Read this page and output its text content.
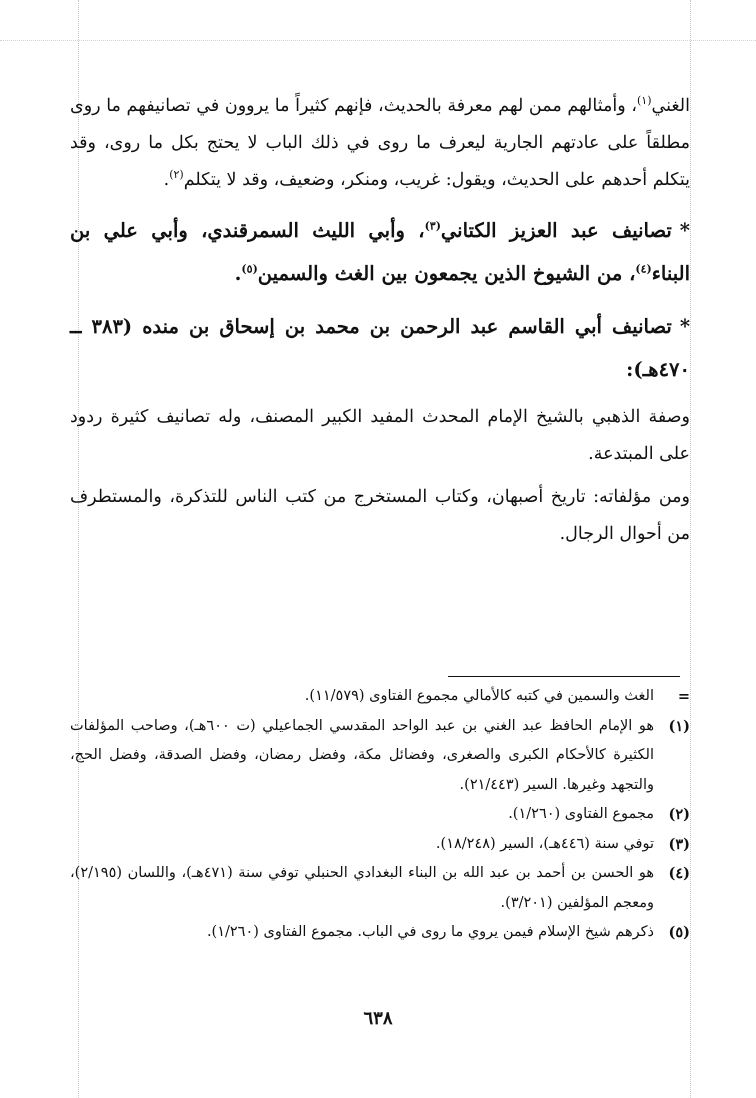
الغني$^{(١)}$، وأمثالهم ممن لهم معرفة بالحديث، فإنهم كثيراً ما يروون في تصانيفهم ما روى مطلقاً على عادتهم الجارية ليعرف ما روى في ذلك الباب لا يحتج بكل ما روى، وقد يتكلم أحدهم على الحديث، ويقول: غريب، ومنكر، وضعيف، وقد لا يتكلم$^{(٢)}$.

*تصانيف عبد العزيز الكتاني$^{(٣)}$، وأبي الليث السمرقندي، وأبي علي بن البناء$^{(٤)}$، من الشيوخ الذين يجمعون بين الغث والسمين$^{(٥)}$.

*تصانيف أبي القاسم عبد الرحمن بن محمد بن إسحاق بن منده (٣٨٣ ــ ٤٧٠هـ):

وصفة الذهبي بالشيخ الإمام المحدث المفيد الكبير المصنف، وله تصانيف كثيرة ردود على المبتدعة.

ومن مؤلفاته: تاريخ أصبهان، وكتاب المستخرج من كتب الناس للتذكرة، والمستطرف من أحوال الرجال.

=
الغث والسمين في كتبه كالأمالي مجموع الفتاوى (١١/٥٧٩).
(١)
هو الإمام الحافظ عبد الغني بن عبد الواحد المقدسي الجماعيلي (ت ٦٠٠هـ)، وصاحب المؤلفات الكثيرة كالأحكام الكبرى والصغرى، وفضائل مكة، وفضل رمضان، وفضل الصدقة، وفضل الحج، والتجهد وغيرها. السير (٢١/٤٤٣).
(٢)
مجموع الفتاوى (١/٢٦٠).
(٣)
توفي سنة (٤٤٦هـ)، السير (١٨/٢٤٨).
(٤)
هو الحسن بن أحمد بن عبد الله بن البناء البغدادي الحنبلي توفي سنة (٤٧١هـ)، واللسان (٢/١٩٥)، ومعجم المؤلفين (٣/٢٠١).
(٥)
ذكرهم شيخ الإسلام فيمن يروي ما روى في الباب. مجموع الفتاوى (١/٢٦٠).
٦٣٨
